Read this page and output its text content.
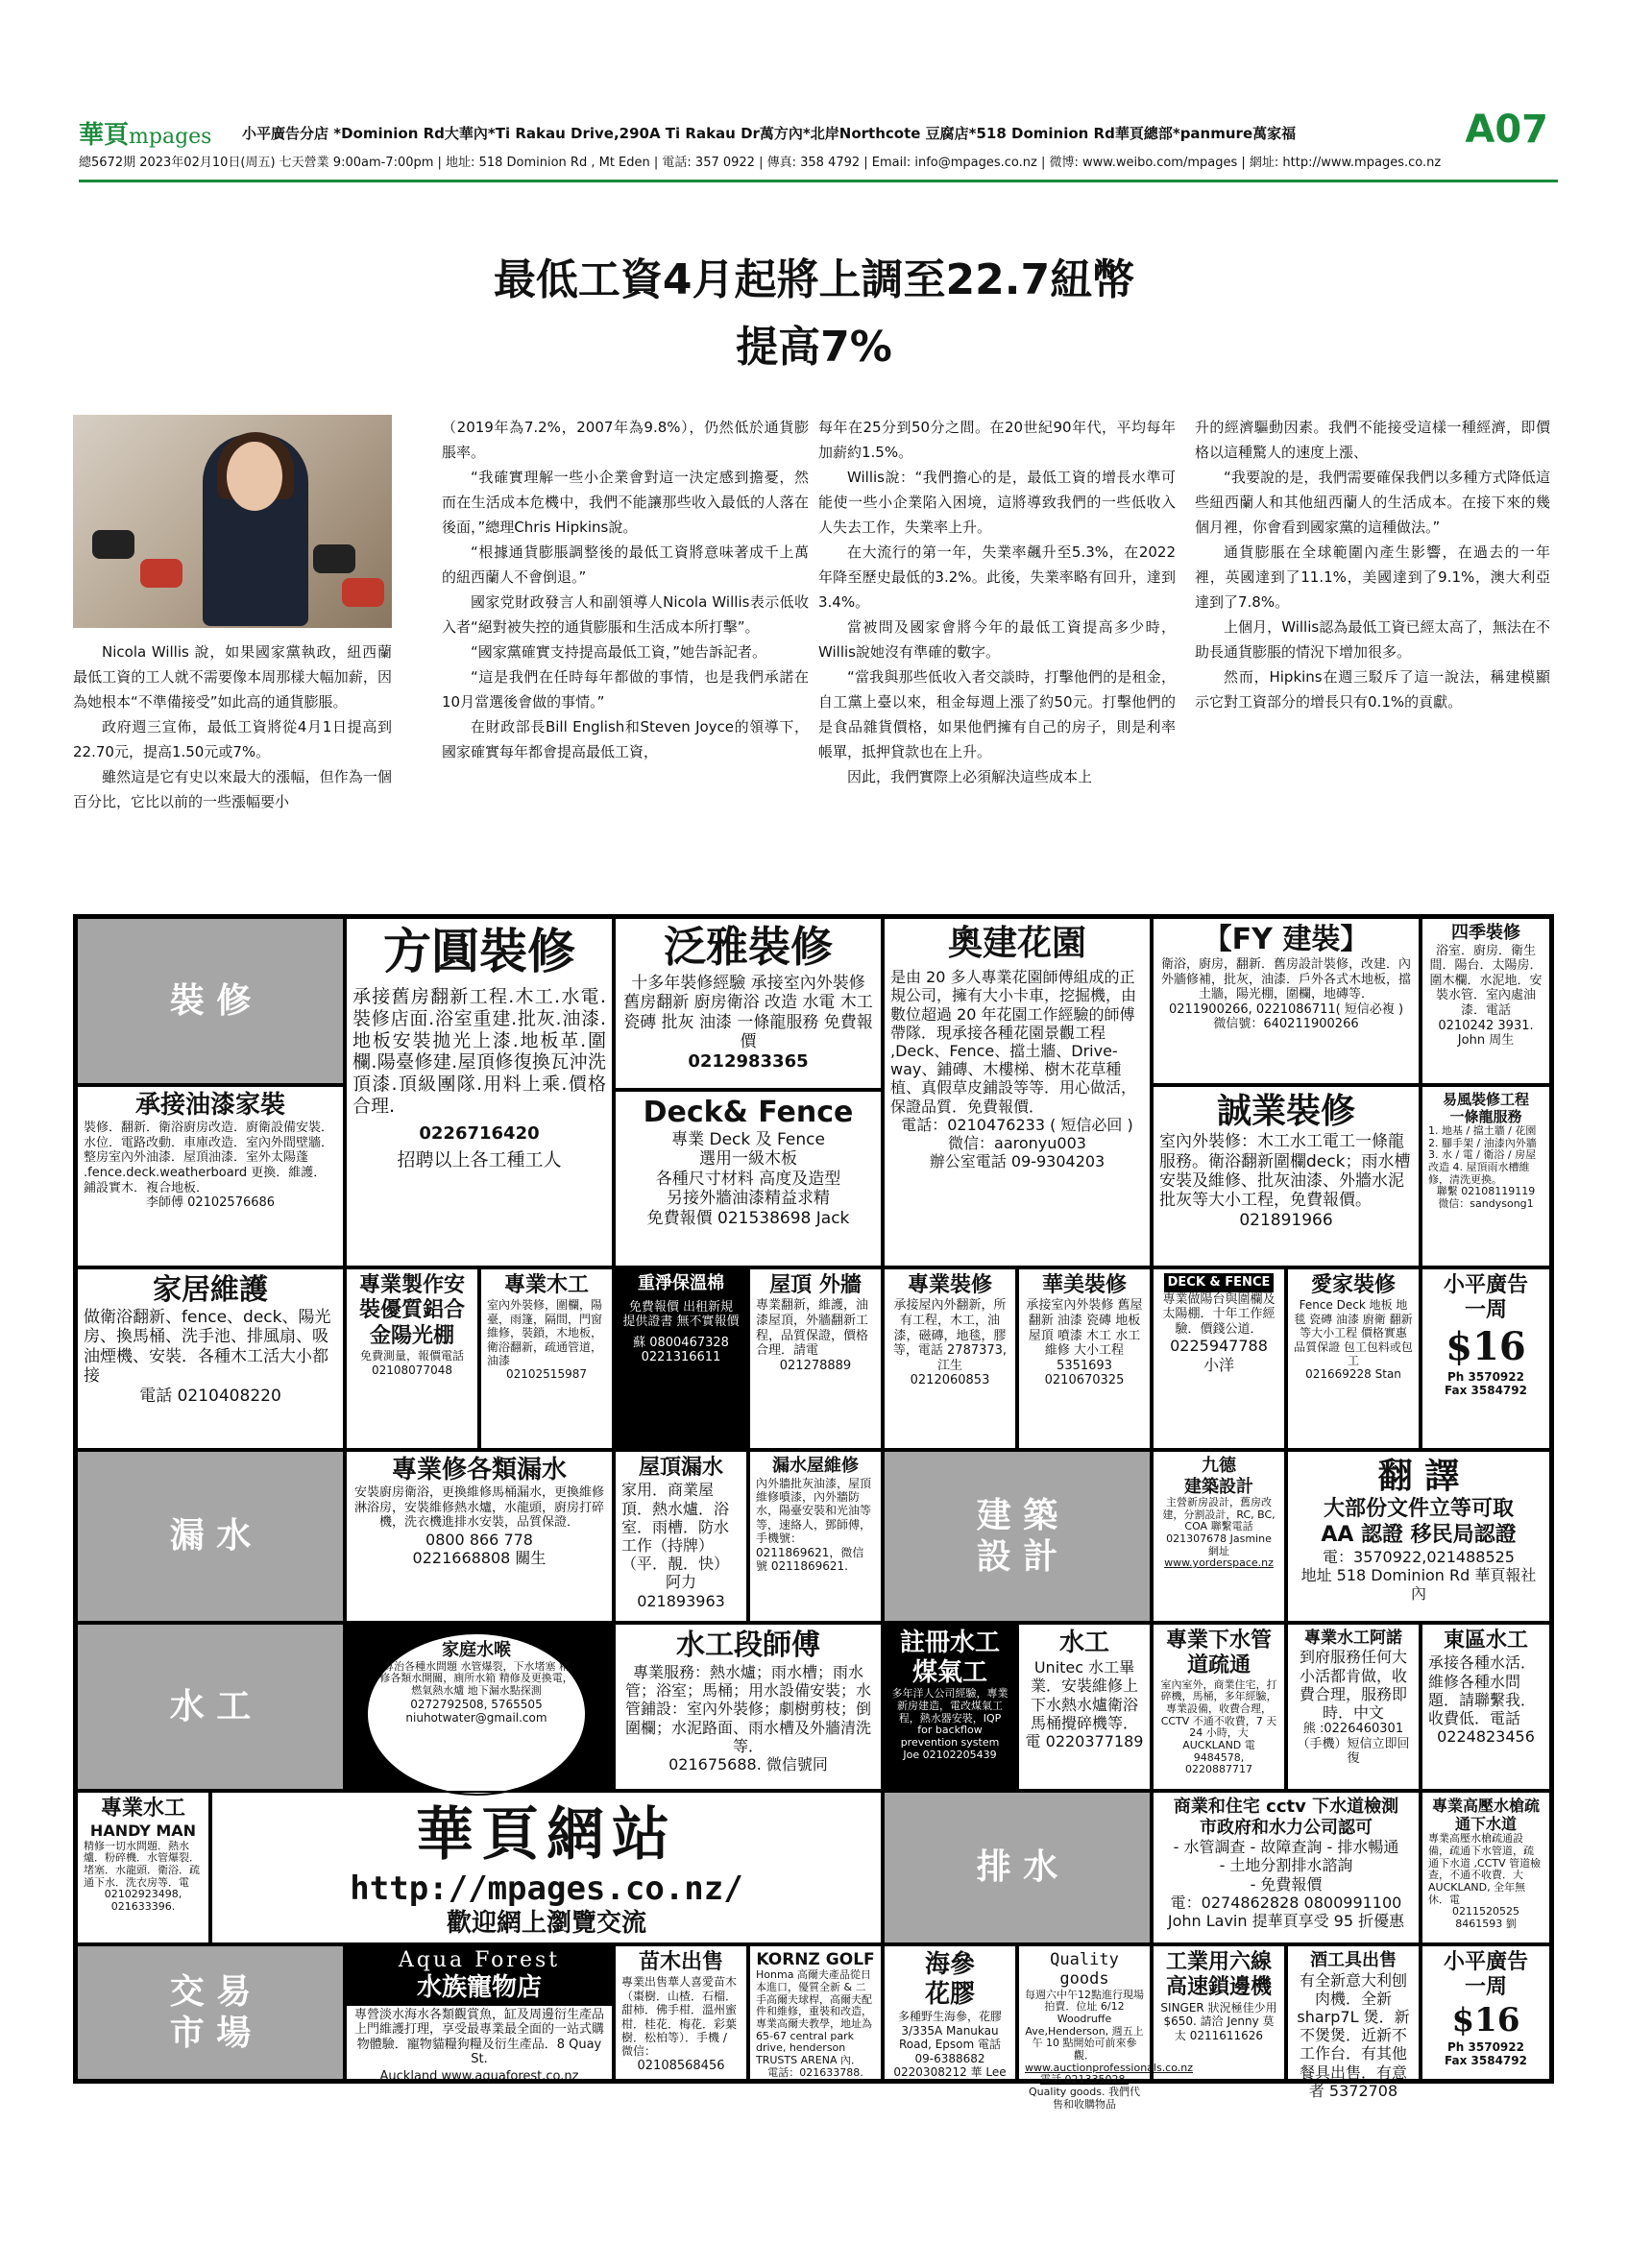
華頁mpages 小平廣告分店 *Dominion Rd大華內*Ti Rakau Drive,290A Ti Rakau Dr萬方內*北岸Northcote 豆腐店*518 Dominion Rd華頁總部*panmure萬家福	A07
總5672期 2023年02月10日(周五) 七天營業 9:00am-7:00pm | 地址: 518 Dominion Rd , Mt Eden | 電話: 357 0922 | 傳真: 358 4792 | Email: info@mpages.co.nz | 微博: www.weibo.com/mpages | 網址: http://www.mpages.co.nz
最低工資4月起將上調至22.7紐幣
提高7%

Nicola Willis 說，如果國家黨執政，紐西蘭最低工資的工人就不需要像本周那樣大幅加薪，因為她根本“不準備接受”如此高的通貨膨脹。

政府週三宣佈，最低工資將從4月1日提高到22.70元，提高1.50元或7%。

雖然這是它有史以來最大的漲幅，但作為一個百分比，它比以前的一些漲幅要小

（2019年為7.2%，2007年為9.8%），仍然低於通貨膨脹率。

“我確實理解一些小企業會對這一決定感到擔憂，然而在生活成本危機中，我們不能讓那些收入最低的人落在後面，”總理Chris Hipkins說。

“根據通貨膨脹調整後的最低工資將意味著成千上萬的紐西蘭人不會倒退。”

國家党財政發言人和副領導人Nicola Willis表示低收入者“絕對被失控的通貨膨脹和生活成本所打擊”。

“國家黨確實支持提高最低工資，”她告訴記者。

“這是我們在任時每年都做的事情，也是我們承諾在10月當選後會做的事情。”

在財政部長Bill English和Steven Joyce的領導下，國家確實每年都會提高最低工資，

每年在25分到50分之間。在20世紀90年代，平均每年加薪約1.5%。

Willis說：“我們擔心的是，最低工資的增長水準可能使一些小企業陷入困境，這將導致我們的一些低收入人失去工作，失業率上升。

在大流行的第一年，失業率飆升至5.3%，在2022年降至歷史最低的3.2%。此後，失業率略有回升，達到3.4%。

當被問及國家會將今年的最低工資提高多少時，Willis說她沒有準確的數字。

“當我與那些低收入者交談時，打擊他們的是租金，自工黨上臺以來，租金每週上漲了約50元。打擊他們的是食品雜貨價格，如果他們擁有自己的房子，則是利率帳單，抵押貸款也在上升。

因此，我們實際上必須解決這些成本上

升的經濟驅動因素。我們不能接受這樣一種經濟，即價格以這種驚人的速度上漲、

“我要說的是，我們需要確保我們以多種方式降低這些紐西蘭人和其他紐西蘭人的生活成本。在接下來的幾個月裡，你會看到國家黨的這種做法。”

通貨膨脹在全球範圍內產生影響，在過去的一年裡，英國達到了11.1%，美國達到了9.1%，澳大利亞達到了7.8%。

上個月，Willis認為最低工資已經太高了，無法在不助長通貨膨脹的情況下增加很多。

然而，Hipkins在週三駁斥了這一說法，稱建模顯示它對工資部分的增長只有0.1%的貢獻。

裝 修
漏 水
建 築
設 計
水 工
排 水
交 易
市 場
方圓裝修
承接舊房翻新工程.木工.水電.裝修店面.浴室重建.批灰.油漆.地板安裝拋光上漆.地板革.圍欄.陽臺修建.屋頂修復換瓦沖洗頂漆.頂級團隊.用料上乘.價格合理.
0226716420
招聘以上各工種工人
泛雅裝修
十多年裝修經驗 承接室內外裝修 舊房翻新 廚房衛浴 改造 水電 木工 瓷磚 批灰 油漆 一條龍服務 免費報價
0212983365
Deck& Fence
專業 Deck 及 Fence
選用一級木板
各種尺寸材料 高度及造型
另接外牆油漆精益求精
免費報價 021538698 Jack
奧建花園
是由 20 多人專業花園師傅組成的正規公司，擁有大小卡車，挖掘機，由數位超過 20 年花園工作經驗的師傅帶隊．現承接各種花園景觀工程 ,Deck、Fence、擋土牆、Drive-way、鋪磚、木樓梯、樹木花草種植、真假草皮鋪設等等．用心做活，保證品質．免費報價．
電話：0210476233 ( 短信必回 )
微信：aaronyu003
辦公室電話 09-9304203
【FY 建裝】
衛浴，廚房，翻新．舊房設計裝修，改建．內外牆修補，批灰，油漆．戶外各式木地板，擋土牆，陽光棚，圍欄，地磚等．
0211900266, 0221086711( 短信必複 )
微信號：640211900266
四季裝修
浴室．廚房．衛生間．陽台．太陽房．圍木欄．水泥地．安裝水管．室內處油漆．電話
0210242 3931.
John 周生
承接油漆家裝
裝修．翻新．衛浴廚房改造．廚衛設備安裝．水位．電路改動．車庫改造．室內外間壁牆．整房室內外油漆．屋頂油漆．室外太陽蓬 .fence.deck.weatherboard 更換．維護．鋪設實木．複合地板．
李師傅 02102576686
誠業裝修
室內外裝修：木工水工電工一條龍服務。衛浴翻新圍欄deck；雨水槽安裝及維修、批灰油漆、外牆水泥批灰等大小工程，免費報價。
021891966
易風裝修工程
一條龍服務
1. 地基 / 擋土牆 / 花園 2. 腳手架 / 油漆內外牆 3. 水 / 電 / 衛浴 / 房屋改造 4. 屋頂雨水槽維修，清洗更換。
聯繫 02108119119
微信：sandysong1
家居維護
做衛浴翻新、fence、deck、陽光房、換馬桶、洗手池、排風扇、吸油煙機、安裝．各種木工活大小都接
電話 0210408220
專業製作安裝優質鋁合金陽光棚
免費測量，報價電話 02108077048
專業木工
室內外裝修，圍欄，陽臺，雨篷，隔間，門窗維修，裝鎖，木地板，衛浴翻新，疏通管道，油漆
02102515987
重淨保溫棉
免費報價 出租新規 提供證書 無不實報價
蘇 0800467328 0221316611
屋頂 外牆
專業翻新，維護，油漆屋頂，外牆翻新工程，品質保證，價格合理．請電
021278889
專業裝修
承接屋內外翻新，所有工程，木工，油漆，磁磚，地毯，膠等，電話 2787373,
江生
0212060853
華美裝修
承接室內外裝修 舊屋翻新 油漆 瓷磚 地板 屋頂 噴漆 木工 水工 維修 大小工程
5351693
0210670325
DECK & FENCE
專業做陽台與圍欄及太陽棚．十年工作經驗．價錢公道．
0225947788
小洋
愛家裝修
Fence Deck 地板 地毯 瓷磚 油漆 廚衛 翻新 等大小工程 價格實惠 品質保證 包工包料或包工
021669228 Stan
小平廣告
一周
$16
Ph 3570922
Fax 3584792
專業修各類漏水
安裝廚房衛浴，更換維修馬桶漏水，更換維修淋浴房，安裝維修熱水爐，水龍頭，廚房打碎機，洗衣機進排水安裝，品質保證．
0800 866 778
0221668808 關生
屋頂漏水
家用．商業屋頂．熱水爐．浴室．雨槽．防水工作（持牌）（平．靚．快）
阿力 021893963
漏水屋維修
內外牆批灰油漆，屋頂維修噴漆，內外牆防水，陽臺安裝和光油等等，速絡人，鄧師傅，手機號：0211869621，微信號 0211869621.
九德
建築設計
主營新房設計，舊房改建，分割設計，RC, BC, COA 聯繫電話 021307678 Jasmine 網址
www.yorderspace.nz
翻 譯
大部份文件立等可取
AA 認證 移民局認證
電：3570922,021488525
地址 518 Dominion Rd 華頁報社內
家庭水喉
專治各種水問題 水管爆裂，下水堵塞 精修各類水開關，廁所水箱 精修及更換電，燃氣熱水爐 地下漏水點探測
0272792508, 5765505
niuhotwater@gmail.com
水工段師傅
專業服務：熱水爐；雨水槽；雨水管；浴室；馬桶；用水設備安裝；水管鋪設：室內外裝修；劇樹剪枝；倒圍欄；水泥路面、雨水槽及外牆清洗等．
021675688. 微信號同
註冊水工煤氣工
多年洋人公司經驗，專業新房建造，電改煤氣工程，熱水器安裝，IQP for backflow prevention system
Joe 02102205439
水工
Unitec 水工畢業．安裝維修上下水熱水爐衛浴馬桶攪碎機等．
電 0220377189
專業下水管道疏通
室內室外，商業住宅，打碎機，馬桶，多年經驗，專業設備，收費合理，CCTV 不通不收費，7 天 24 小時，大 AUCKLAND 電 9484578, 0220887717
專業水工阿諾
到府服務任何大小活都肯做，收費合理，服務即時．中文
熊 :0226460301（手機）短信立即回復
東區水工
承接各種水活．維修各種水問題．請聯繫我．收費低．電話
0224823456
專業水工
HANDY MAN
精修一切水問題．熱水爐．粉碎機．水管爆裂．堵塞．水龍頭．衛浴．疏通下水．洗衣房等．電
02102923498, 021633396.
華頁網站
http://mpages.co.nz/
歡迎網上瀏覽交流
商業和住宅 cctv 下水道檢測
市政府和水力公司認可
- 水管調查 - 故障查詢 - 排水暢通
- 土地分割排水諮詢
- 免費報價
電：0274862828 0800991100
John Lavin 提華頁享受 95 折優惠
專業高壓水槍疏通下水道
專業高壓水槍疏通設備，疏通下水管道，疏通下水道 ,CCTV 管道檢查，不通不收費．大 AUCKLAND, 全年無休．電
0211520525 8461593 劉
Aqua Forest
水族寵物店
專營淡水海水各類觀賞魚，缸及周邊衍生產品上門維護打理，享受最專業最全面的一站式購物體驗．寵物貓糧狗糧及衍生產品．8 Quay St.
Auckland www.aquaforest.co.nz
苗木出售
專業出售華人喜愛苗木（棗樹．山楂．石榴．甜柿．佛手柑．溫州蜜柑．桂花．梅花．彩葉樹．松柏等）．手機 / 微信：
02108568456
KORNZ GOLF
Honma 高爾夫產品從日本進口，優質全新 & 二手高爾夫球桿，高爾夫配件和維修，重裝和改造，專業高爾夫教學，地址為 65-67 central park drive, henderson TRUSTS ARENA 內．
電話：021633788.
海參
花膠
多種野生海參，花膠 3/335A Manukau Road, Epsom 電話 09-6388682
0220308212 華 Lee
Quality goods
每週六中午12點進行現場拍賣．位址 6/12 Woodruffe Ave,Henderson, 週五上午 10 點開始可前來參觀．
www.auctionprofessionals.co.nz 電話 021335028.
Quality goods. 我們代售和收購物品
工業用六線高速鎖邊機
SINGER 狀況極佳少用 $650. 請洽 Jenny 莫太 0211611626
酒工具出售
有全新意大利刨肉機．全新 sharp7L 煲．新不煲煲．近新不工作台．有其他餐具出售．有意者 5372708
小平廣告
一周
$16
Ph 3570922
Fax 3584792
